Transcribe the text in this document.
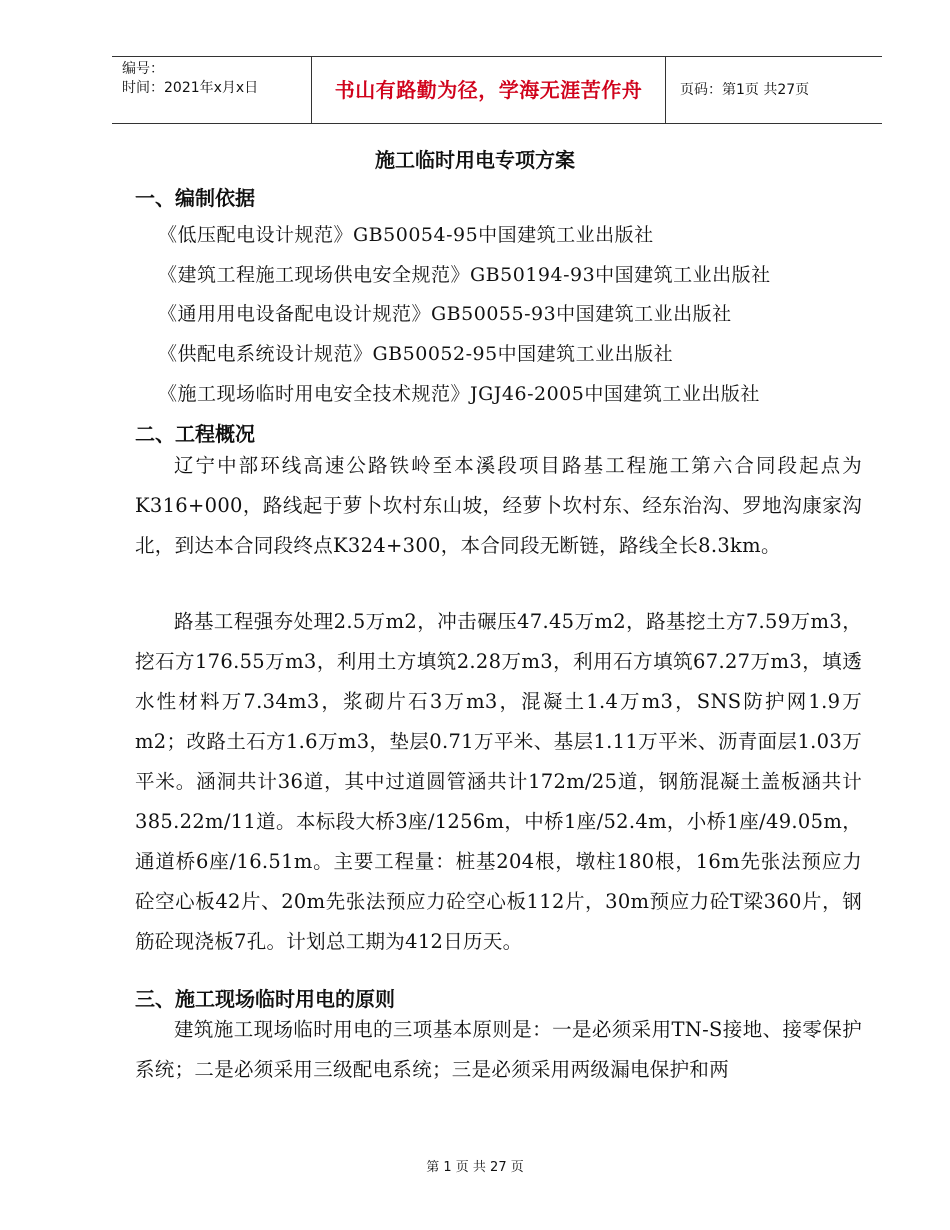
编号：
时间：2021年x月x日	书山有路勤为径，学海无涯苦作舟	页码：第1页 共27页
施工临时用电专项方案
一、编制依据
《低压配电设计规范》GB50054-95中国建筑工业出版社
《建筑工程施工现场供电安全规范》GB50194-93中国建筑工业出版社
《通用用电设备配电设计规范》GB50055-93中国建筑工业出版社
《供配电系统设计规范》GB50052-95中国建筑工业出版社
《施工现场临时用电安全技术规范》JGJ46-2005中国建筑工业出版社
二、工程概况
辽宁中部环线高速公路铁岭至本溪段项目路基工程施工第六合同段起点为K316+000，路线起于萝卜坎村东山坡，经萝卜坎村东、经东治沟、罗地沟康家沟北，到达本合同段终点K324+300，本合同段无断链，路线全长8.3km。
路基工程强夯处理2.5万m2，冲击碾压47.45万m2，路基挖土方7.59万m3，挖石方176.55万m3，利用土方填筑2.28万m3，利用石方填筑67.27万m3，填透水性材料万7.34m3，浆砌片石3万m3，混凝土1.4万m3，SNS防护网1.9万m2；改路土石方1.6万m3，垫层0.71万平米、基层1.11万平米、沥青面层1.03万平米。涵洞共计36道，其中过道圆管涵共计172m/25道，钢筋混凝土盖板涵共计385.22m/11道。本标段大桥3座/1256m，中桥1座/52.4m，小桥1座/49.05m，通道桥6座/16.51m。主要工程量：桩基204根，墩柱180根，16m先张法预应力砼空心板42片、20m先张法预应力砼空心板112片，30m预应力砼T梁360片，钢筋砼现浇板7孔。计划总工期为412日历天。
三、施工现场临时用电的原则
建筑施工现场临时用电的三项基本原则是：一是必须采用TN-S接地、接零保护系统；二是必须采用三级配电系统；三是必须采用两级漏电保护和两
第 1 页 共 27 页
